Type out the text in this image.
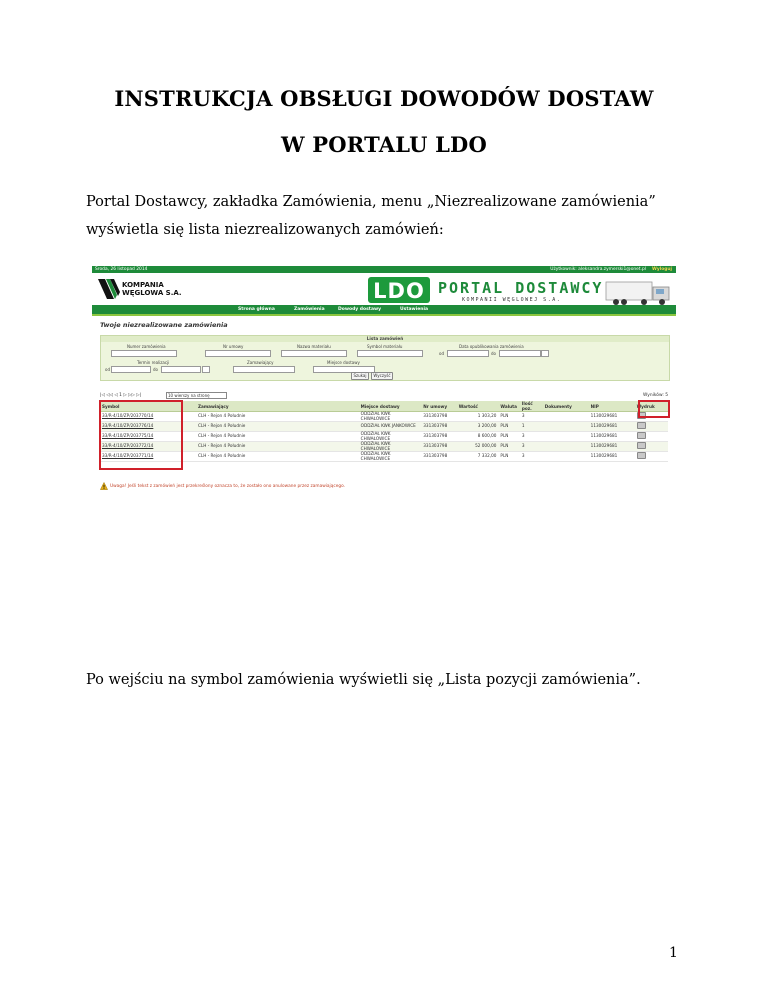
INSTRUKCJA OBSŁUGI DOWODÓW DOSTAW
W PORTALU LDO
Portal Dostawcy, zakładka Zamówienia, menu „Niezrealizowane zamówienia” wyświetla się lista niezrealizowanych zamówień:
Środa, 26 listopad 2014	Użytkownik: aleksandra.zymerski1@onet.pl Wyloguj
KOMPANIA
WĘGLOWA S.A.	LDO PORTAL DOSTAWCY
KOMPANII WĘGLOWEJ S.A.
Strona główna	Zamówienia	Dowody dostawy	Ustawienia
Twoje niezrealizowane zamówienia
Lista zamówień
Numer zamówienia	Nr umowy	Nazwa materiału	Symbol materiału	Data opublikowania zamówienia
od	do
Termin realizacji	Zamawiający	Miejsce dostawy
od	do
Szukaj	Wyczyść
|◁ ◁◁ ◁ 1 ▷ ▷▷ ▷|	10 wierszy na stronę	Wyników: 5
Symbol	Zamawiający	Miejsce dostawy	Nr umowy	Wartość	Waluta	Ilość poz.	Dokumenty	NIP	Wydruk
33/R-4/10/ZP/203770/14	CLH - Rejon 4 Południe	ODDZIAŁ KWK CHWAŁOWICE	331303798	1 303,20	PLN	3		1130029681	
33/R-4/10/ZP/203776/14	CLH - Rejon 4 Południe	ODDZIAŁ KWK JANKOWICE	331303798	3 200,00	PLN	1		1130029681	
33/R-4/10/ZP/203775/14	CLH - Rejon 4 Południe	ODDZIAŁ KWK CHWAŁOWICE	331303798	8 600,00	PLN	3		1130029681	
33/R-4/10/ZP/203772/14	CLH - Rejon 4 Południe	ODDZIAŁ KWK CHWAŁOWICE	331303798	52 000,00	PLN	3		1130029681	
33/R-4/10/ZP/203771/14	CLH - Rejon 4 Południe	ODDZIAŁ KWK CHWAŁOWICE	331303798	7 332,00	PLN	3		1130029681	
Uwaga! Jeśli tekst z zamówień jest przekreślony oznacza to, że zostało ono anulowane przez zamawiającego.
Po wejściu na symbol zamówienia wyświetli się „Lista pozycji zamówienia”.
1
